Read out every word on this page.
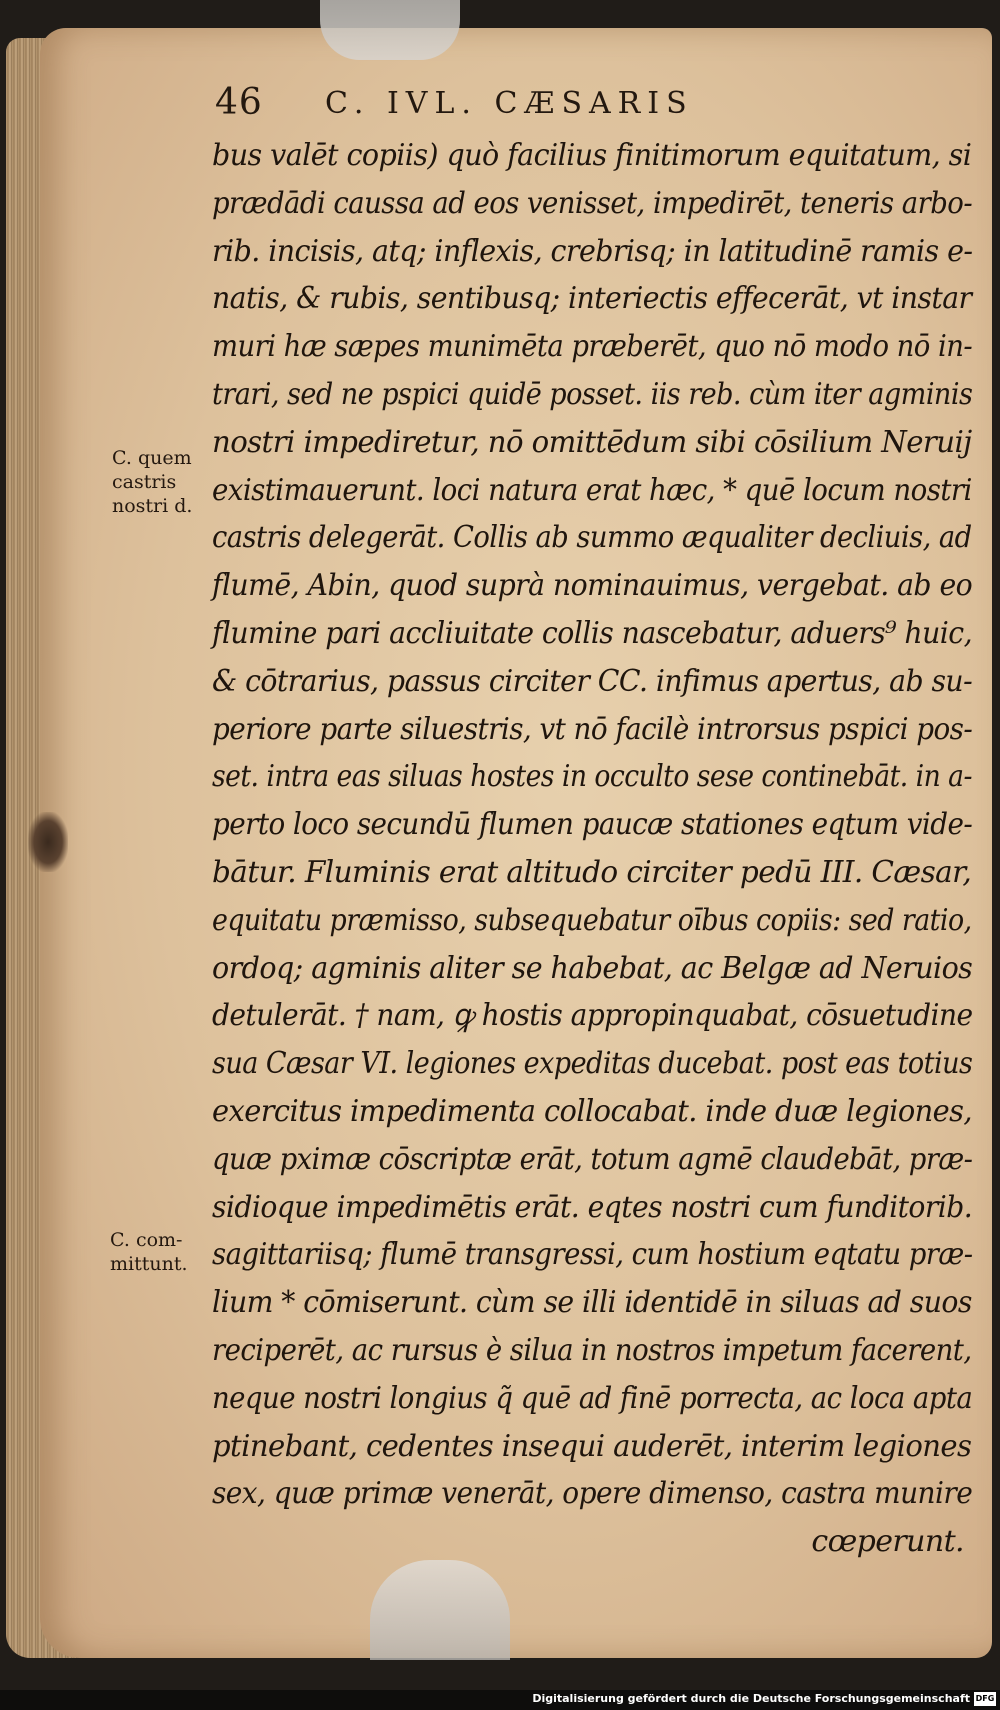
46 C. IVL. CÆSARIS
C. quem
castris
nostri d.
C. com-
mittunt.
bus valēt copiis) quò facilius finitimorum equitatum, si
prædādi caussa ad eos venisset, impedirēt, teneris arbo-
rib. incisis, atq; inflexis, crebrisq; in latitudinē ramis e-
natis, & rubis, sentibusq; interiectis effecerāt, vt instar
muri hæ sæpes munimēta præberēt, quo nō modo nō in-
trari, sed ne pspici quidē posset. iis reb. cùm iter agminis
nostri impediretur, nō omittēdum sibi cōsilium Neruij
existimauerunt. loci natura erat hæc, * quē locum nostri
castris delegerāt. Collis ab summo æqualiter decliuis, ad
flumē, Abin, quod suprà nominauimus, vergebat. ab eo
flumine pari accliuitate collis nascebatur, aduers⁹ huic,
& cōtrarius, passus circiter CC. infimus apertus, ab su-
periore parte siluestris, vt nō facilè introrsus pspici pos-
set. intra eas siluas hostes in occulto sese continebāt. in a-
perto loco secundū flumen paucæ stationes eqtum vide-
bātur. Fluminis erat altitudo circiter pedū III. Cæsar,
equitatu præmisso, subsequebatur oībus copiis: sed ratio,
ordoq; agminis aliter se habebat, ac Belgæ ad Neruios
detulerāt. † nam, ꝙ hostis appropinquabat, cōsuetudine
sua Cæsar VI. legiones expeditas ducebat. post eas totius
exercitus impedimenta collocabat. inde duæ legiones,
quæ pximæ cōscriptæ erāt, totum agmē claudebāt, præ-
sidioque impedimētis erāt. eqtes nostri cum funditorib.
sagittariisq; flumē transgressi, cum hostium eqtatu præ-
lium * cōmiserunt. cùm se illi identidē in siluas ad suos
reciperēt, ac rursus è silua in nostros impetum facerent,
neque nostri longius q̃ quē ad finē porrecta, ac loca apta
ptinebant, cedentes insequi auderēt, interim legiones
sex, quæ primæ venerāt, opere dimenso, castra munire
cœperunt.
Digitalisierung gefördert durch die Deutsche Forschungsgemeinschaft DFG
